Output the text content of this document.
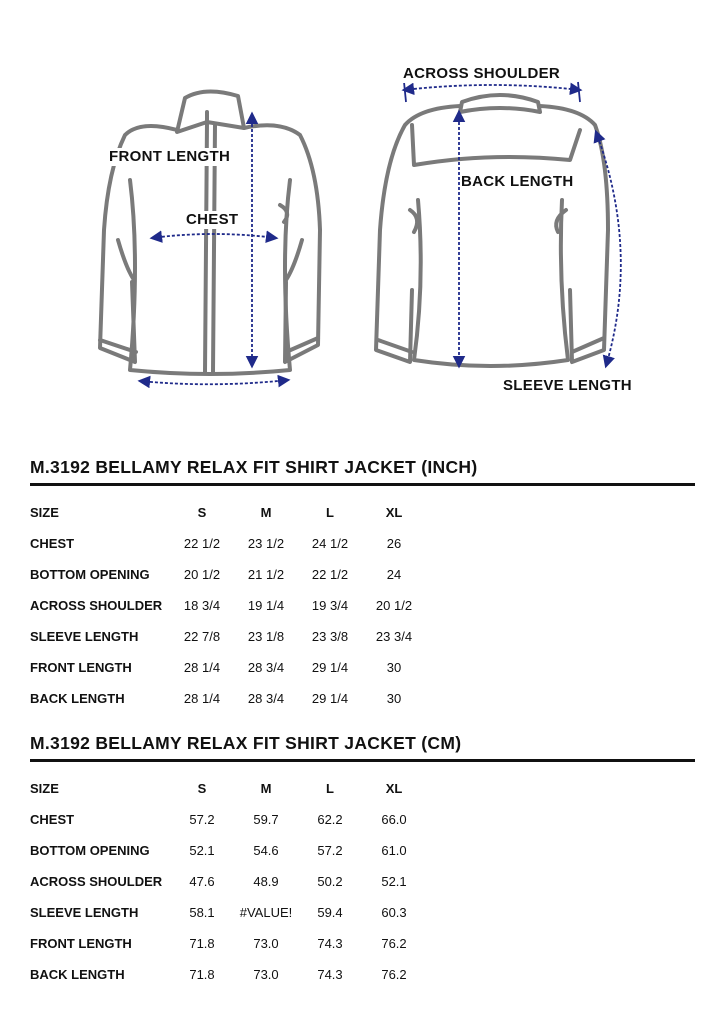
FRONT LENGTH
CHEST
ACROSS SHOULDER
BACK LENGTH
SLEEVE LENGTH
M.3192 BELLAMY RELAX FIT SHIRT JACKET (INCH)
SIZE	S	M	L	XL
CHEST	22 1/2	23 1/2	24 1/2	26
BOTTOM OPENING	20 1/2	21 1/2	22 1/2	24
ACROSS SHOULDER	18 3/4	19 1/4	19 3/4	20 1/2
SLEEVE LENGTH	22 7/8	23 1/8	23 3/8	23 3/4
FRONT LENGTH	28 1/4	28 3/4	29 1/4	30
BACK LENGTH	28 1/4	28 3/4	29 1/4	30
M.3192 BELLAMY RELAX FIT SHIRT JACKET (CM)
SIZE	S	M	L	XL
CHEST	57.2	59.7	62.2	66.0
BOTTOM OPENING	52.1	54.6	57.2	61.0
ACROSS SHOULDER	47.6	48.9	50.2	52.1
SLEEVE LENGTH	58.1	#VALUE!	59.4	60.3
FRONT LENGTH	71.8	73.0	74.3	76.2
BACK LENGTH	71.8	73.0	74.3	76.2
